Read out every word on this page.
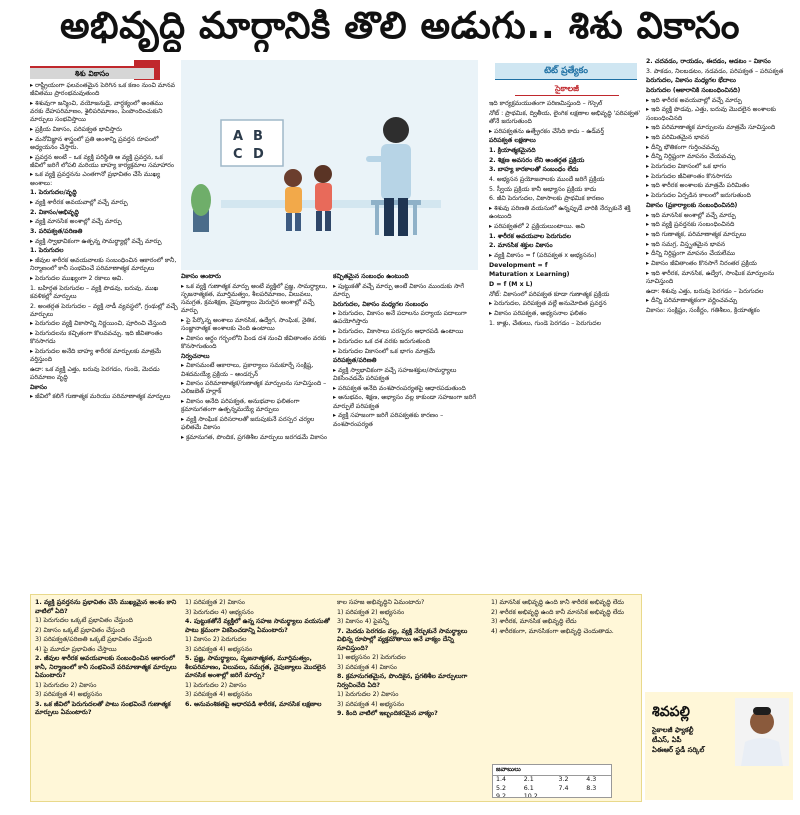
అభివృద్ధి మార్గానికి తొలి అడుగు.. శిశు వికాసం
శిశు వికాసం

▸ రాష్ట్రీయంగా ఫలవంతమైన పెరిగిన ఒక కణం నుంచి మానవ జీవితము ప్రారంభమవుతుంది

▸ శిశువుగా జన్మించి, వయోజనుడై, వార్ధక్యంలో అంతము వరకు దేహపరిమాణం, శైలిపరిమాణం, పెంపొందించుకుని మార్పులు సంభవిస్తాయి

▸ ప్రక్రియ వికాసం, పరిపక్వత భావిస్తారు

▸ మనోవిజ్ఞాన శాస్త్రంలో ప్రతి అంశాన్ని ప్రవర్తన రూపంలో అధ్యయనం చేస్తారు.

▸ ప్రవర్తన అంటే – ఒక వ్యక్తి పరిస్థితి ఆ వ్యక్తి ప్రవర్తన, ఒక జీవిలో జరిగే లోపలి మరియు బాహ్య కార్యక్రమాల సమాహారం

▸ ఒక వ్యక్తి ప్రవర్తనను ఎంతగానో ప్రభావితం చేసే ముఖ్య అంశాలు:

1. పెరుగుదల/వృద్ధి

▸ వ్యక్తి శారీరక అవయవాల్లో వచ్చే మార్పు

2. వికాసం/అభివృద్ధి

▸ వ్యక్తి మానసిక అంశాల్లో వచ్చే మార్పు

3. పరిపక్వత/పరిణతి

▸ వ్యక్తి స్వాభావికంగా ఉత్పన్న సామర్థ్యాల్లో వచ్చే మార్పు

1. పెరుగుదల

▸ జీవుల శారీరక అవయవాలకు సంబంధించిన ఆకారంలో కానీ, నిర్మాణంలో కానీ సంభవించే పరిమాణాత్మక మార్పులు

▸ పెరుగుదల ముఖ్యంగా 2 రకాలు అవి.

1. బహిర్గత పెరుగుదల – వ్యక్తి పొడవు, బరువు, ముఖ కవళికల్లో మార్పులు

2. అంతర్గత పెరుగుదల – వ్యక్తి నాడీ వ్యవస్థలో, గ్రంథుల్లో వచ్చే మార్పులు

▸ పెరుగుదల వ్యక్తి వికాసాన్ని నిర్ణయించి, పూరించి చేస్తుంది

▸ పెరుగుదలను కచ్చితంగా కొలవవచ్చు. ఇది జీవితాంతం కొనసాగదు

▸ పెరుగుదల అనేది బాహ్య శారీరక మార్పులకు మాత్రమే వర్తిస్తుంది

ఉదా: ఒక వ్యక్తి ఎత్తు, బరువు పెరగడం, గుండె, మెదడు పరిమాణం వృద్ధి

వికాసం

▸ జీవిలో కలిగే గుణాత్మక మరియు పరిమాణాత్మక మార్పులు

A B
C D

వికాసం అంటారు

▸ ఒక వ్యక్తి గుణాత్మక మార్పు అంటే వ్యక్తిలో ప్రజ్ఞ, సామర్థ్యాలు, సృజనాత్మకత, మూర్తిమత్వం, శీలపరిమాణం, విలువలు, సమగ్రత, క్రమశిక్షణ, నైపుణ్యాలు మెరుగైన అంశాల్లో వచ్చే మార్పు

▸ పై పేర్కొన్న అంశాలు మానసిక, ఉద్వేగ, సాంఘిక, నైతిక, సంజ్ఞానాత్మక అంశాలకు చెంది ఉంటాయి

▸ వికాసం అర్థం గర్భంలోని పిండ దశ నుంచి జీవితాంతం వరకు కొనసాగుతుంది

నిర్వచనాలు

▸ వికాసమంటే ఆకారాలు, ప్రకార్యాలు సమకూర్చే సంక్లిష్ట, విశదమయ్యే ప్రక్రియ – ఆండర్సన్

▸ వికాసం పరిమాణాత్మక/గుణాత్మక మార్పులను సూచిస్తుంది – ఎలిజబెత్ హర్లాక్

▸ వికాసం అనేది పరిపక్వత, అనుభవాల ఫలితంగా క్రమానుగతంగా ఉత్పన్నమయ్యే మార్పులు

▸ వ్యక్తి సాంఘిక పరిసరాలతో జరుపుకునే పరస్పర చర్యల ఫలితమే వికాసం

▸ క్రమానుగత, పొందిక, ప్రగతిశీల మార్పులు జరగడమే వికాసం

కచ్చితమైన సంబంధం ఉంటుంది

▸ పుట్టుకతో వచ్చే మార్పు అంటే వికాసం ముందుకు సాగే మార్పు

పెరుగుదల, వికాసం మధ్యగల సంబంధం

▸ పెరుగుదల, వికాసం అనే పదాలను పర్యాయ పదాలుగా ఉపయోగిస్తారు

▸ పెరుగుదల, వికాసాలు పరస్పరం ఆధారపడి ఉంటాయి

▸ పెరుగుదల ఒక దశ వరకు జరుగుతుంది

▸ పెరుగుదల వికాసంలో ఒక భాగం మాత్రమే

పరిపక్వత/పరిణతి

▸ వ్యక్తి స్వాభావికంగా వచ్చే సహజశక్తుల/సామర్థ్యాలు వికసించడమే పరిపక్వత

▸ పరిపక్వత అనేది వంశపారంపర్యతపై ఆధారపడుతుంది

▸ అనుభవం, శిక్షణ, అభ్యాసం వల్ల కాకుండా సహజంగా జరిగే మార్పులే పరిపక్వత

▸ వ్యక్తి సహజంగా జరిగే పరిపక్వతకు కారణం – వంశపారంపర్యత

టెట్ ప్రత్యేకం
సైకాలజీ

ఇది కార్యక్రమయుతంగా పరిణమిస్తుంది – గెస్సెల్

నోట్ : ప్రాథమిక, ద్వితీయ, లైంగిక లక్షణాల అభివృద్ధి 'పరిపక్వత' తోనే జరుగుతుంది

▸ పరిపక్వతను ఉత్ప్రేరకం చేసేది కాదు – ఉడ్‌వర్త్

పరిపక్వత లక్షణాలు

1. క్రియాత్మకమైనది

2. శిక్షణ అవసరం లేని అంతర్గత ప్రక్రియ

3. బాహ్య కారకాలతో సంబంధం లేదు

4. అభ్యసన ప్రయోజనాలకు ముందే జరిగే ప్రక్రియ

5. స్వీయ ప్రక్రియ కానీ అభ్యాసం ప్రక్రియ కాదు

6. జీవి పెరుగుదల, వికాసాలకు ప్రాథమిక కారణం

▸ శిశువు పరిణతి వయసులో ఉన్నప్పుడే వారికి నేర్చుకునే శక్తి ఉంటుంది

▸ పరిపక్వతలో 2 ప్రక్రియలుంటాయి. అవి

1. శారీరక అవయవాల పెరుగుదల

2. మానసిక శక్తుల వికాసం

▸ వ్యక్తి వికాసం = f (పరిపక్వత x అభ్యసనం)

Development = f

Maturation x Learning)

D = f (M x L)

నోట్: వికాసంలో పరిపక్వత కూడా గుణాత్మక ప్రక్రియ

▸ పెరుగుదల, పరిపక్వత వల్లే అనుమోదిత ప్రవర్తన

▸ వికాసం పరిపక్వత, అభ్యసనాల ఫలితం

1. కాళ్లు, చేతులు, గుండె పెరగడం – పెరుగుదల

2. చదవడం, రాయడం, ఈదడం, ఆడటం – వికాసం

3. పాకడం, నిలబడటం, నడవడం, పరిపక్వత – పరిపక్వత

పెరుగుదల, వికాసం మధ్యగల భేదాలు

పెరుగుదల (ఆకారానికి సంబంధించినది)

▸ ఇది శారీరక అవయవాల్లో వచ్చే మార్పు

▸ ఇది వ్యక్తి పొడవు, ఎత్తు, బరువు మొదలైన అంశాలకు సంబంధించినది

▸ ఇది పరిమాణాత్మక మార్పులను మాత్రమే సూచిస్తుంది

▸ ఇది పరిమితమైన భావన

▸ దీన్ని భౌతికంగా గుర్తించవచ్చు

▸ దీన్ని నిర్దిష్టంగా మాపనం చేయవచ్చు

▸ పెరుగుదల వికాసంలో ఒక భాగం

▸ పెరుగుదల జీవితాంతం కొనసాగదు

▸ ఇది శారీరక అంశాలకు మాత్రమే పరిమితం

▸ పెరుగుదల ఏర్పడిన కాలంలో జరుగుతుంది

వికాసం (ప్రకార్యాలకు సంబంధించినది)

▸ ఇది మానసిక అంశాల్లో వచ్చే మార్పు

▸ ఇది వ్యక్తి ప్రవర్తనకు సంబంధించినది

▸ ఇది గుణాత్మక, పరిమాణాత్మక మార్పులు

▸ ఇది సమగ్ర, విస్తృతమైన భావన

▸ దీన్ని నిర్దిష్టంగా మాపనం చేయలేము

▸ వికాసం జీవితాంతం కొనసాగే నిరంతర ప్రక్రియ

▸ ఇది శారీరక, మానసిక, ఉద్వేగ, సాంఘిక మార్పులను సూచిస్తుంది

ఉదా: శిశువు ఎత్తు, బరువు పెరగడం – పెరుగుదల

▸ దీన్ని పరిమాణాత్మకంగా వర్ణించవచ్చు

వికాసం: సంక్లిష్టం, సంకీర్ణం, గతిశీలం, క్రియాత్మకం

1. వ్యక్తి ప్రవర్తనను ప్రభావితం చేసే ముఖ్యమైన అంశం కాని వాటిలో ఏది?

1) పెరుగుదల ఒక్కటే ప్రభావితం చేస్తుంది

2) వికాసం ఒక్కటే ప్రభావితం చేస్తుంది

3) పరిపక్వత/పరిణతి ఒక్కటే ప్రభావితం చేస్తుంది

4) పై మూడూ ప్రభావితం చేస్తాయి

2. జీవుల శారీరక అవయవాలకు సంబంధించిన ఆకారంలో కానీ, నిర్మాణంలో కానీ సంభవించే పరిమాణాత్మక మార్పులు ఏమంటారు?

1) పెరుగుదల 2) వికాసం

3) పరిపక్వత 4) అభ్యసనం

3. ఒక జీవిలో పెరుగుదలతో పాటు సంభవించే గుణాత్మక మార్పులు ఏమంటారు?

1) పరిపక్వత 2) వికాసం

3) పెరుగుదల 4) అభ్యసనం

4. పుట్టుకతోనే వ్యక్తిలో ఉన్న సహజ సామర్థ్యాలు వయసుతో పాటు క్రమంగా వికసించడాన్ని ఏమంటారు?

1) వికాసం 2) పెరుగుదల

3) పరిపక్వత 4) అభ్యసనం

5. ప్రజ్ఞ, సామర్థ్యాలు, సృజనాత్మకత, మూర్తిమత్వం, శీలపరిమాణం, విలువలు, సమగ్రత, నైపుణ్యాలు మొదలైన మానసిక అంశాల్లో జరిగే మార్పు?

1) పెరుగుదల 2) వికాసం

3) పరిపక్వత 4) అభ్యసనం

6. అనువంశికతపై ఆధారపడి శారీరక, మానసిక లక్షణాల

కాల సహజ అభివృద్ధిని ఏమంటారు?

1) పరిపక్వత 2) అభ్యసనం

3) వికాసం 4) పైవన్నీ

7. మెదడు పెరగడం వల్ల, వ్యక్తి నేర్చుకునే సామర్థ్యాలు విభిన్న రూపాల్లో వ్యక్తమౌతాయి అనే వాక్యం దేన్ని సూచిస్తుంది?

1) అభ్యసనం 2) పెరుగుదల

3) పరిపక్వత 4) వికాసం

8. క్రమానుగతమైన, పొందికైన, ప్రగతిశీల మార్పులుగా నిర్వచించేది ఏది?

1) పెరుగుదల 2) వికాసం

3) పరిపక్వత 4) అభ్యసనం

9. కింది వాటిలో ఇబ్బందికరమైన వాక్యం?

1) మానసిక అభివృద్ధి ఉంది కానీ శారీరక అభివృద్ధి లేదు

2) శారీరక అభివృద్ధి ఉంది కానీ మానసిక అభివృద్ధి లేదు

3) శారీరక, మానసిక అభివృద్ధి లేదు

4) శారీరకంగా, మానసికంగా అభివృద్ధి చెందుతాడు.

జవాబులు
1.4	2.1	3.2	4.3
5.2	6.1	7.4	8.3
9.2	10.2		
శివపల్లి
సైకాలజీ ఫ్యాకల్టీ
టీఎస్, ఏపీ
ఏఈఆర్ స్టడీ సర్కిల్
